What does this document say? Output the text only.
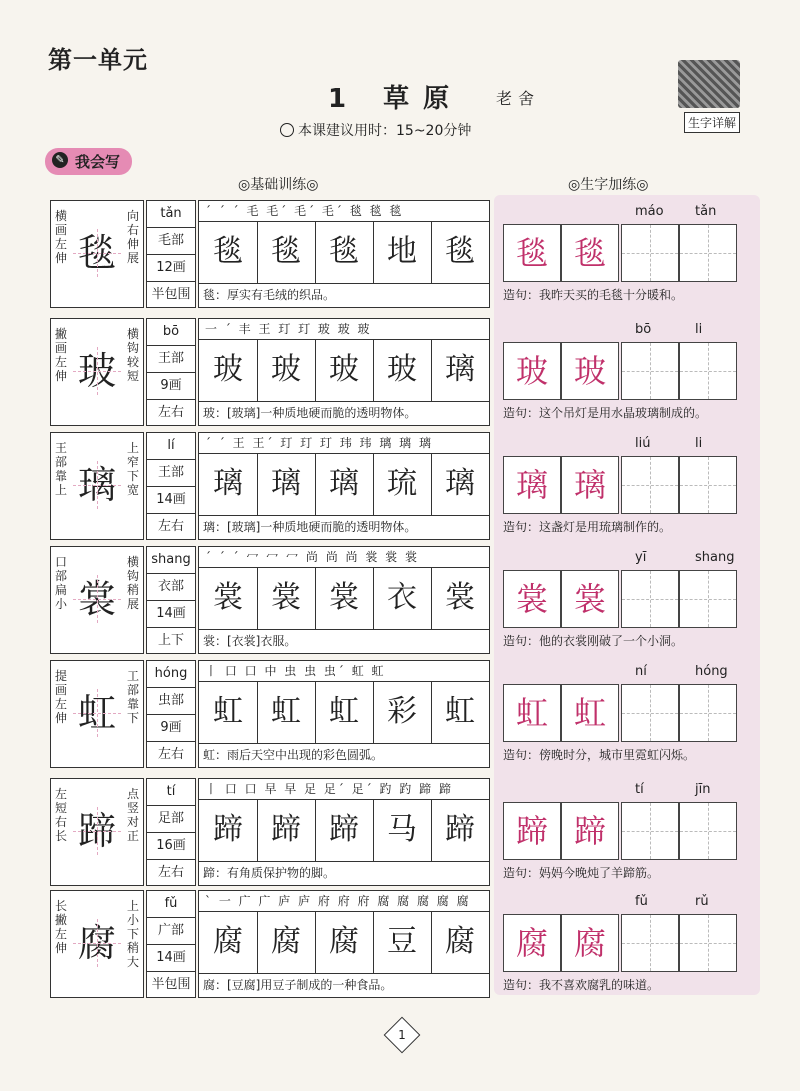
第一单元
1 草原 老舍
生字详解
本课建议用时：15~20分钟
✎ 我会写
◎基础训练◎	◎生字加练◎
横画左伸 毯
向右伸展
tǎn
毛部
12画
半包围
ˊ ˊ ˊ 毛 毛ˊ 毛ˊ 毛ˊ 毯 毯 毯
毯 毯 毯 地 毯
毯：厚实有毛绒的织品。
máo tǎn
毯 毯
造句：我昨天买的毛毯十分暖和。
撇画左伸 玻
横钩较短
bō
王部
9画
左右
一 ˊ 丰 王 玎 玎 玻 玻 玻
玻 玻 玻 玻 璃
玻：[玻璃]一种质地硬而脆的透明物体。
bō	li
玻 玻
造句：这个吊灯是用水晶玻璃制成的。
王部靠上 璃
上窄下宽
lí
王部
14画
左右
ˊ ˊ 王 王ˊ 玎 玎 玎 玮 玮 璃 璃 璃
璃 璃 璃 琉 璃
璃：[玻璃]一种质地硬而脆的透明物体。
liú	li
璃 璃
造句：这盏灯是用琉璃制作的。
口部扁小 裳
横钩稍展
shang
衣部
14画
上下
ˊ ˊ ˊ 冖 冖 冖 尚 尚 尚 裳 裳 裳
裳 裳 裳 衣 裳
裳：[衣裳]衣服。
yī	shang
裳 裳
造句：他的衣裳刚破了一个小洞。
提画左伸 虹
工部靠下
hóng
虫部
9画
左右
丨 口 口 中 虫 虫 虫ˊ 虹 虹
虹 虹 虹 彩 虹
虹：雨后天空中出现的彩色圆弧。
ní	hóng
虹 虹
造句：傍晚时分，城市里霓虹闪烁。
左短右长 蹄
点竖对正
tí
足部
16画
左右
丨 口 口 早 早 足 足ˊ 足ˊ 趵 趵 蹄 蹄
蹄 蹄 蹄 马 蹄
蹄：有角质保护物的脚。
tí	jīn
蹄 蹄
造句：妈妈今晚炖了羊蹄筋。
长撇左伸 腐
上小下稍大
fǔ
广部
14画
半包围
ˋ 一 广 广 庐 庐 府 府 府 腐 腐 腐 腐 腐
腐 腐 腐 豆 腐
腐：[豆腐]用豆子制成的一种食品。
fǔ	rǔ
腐 腐
造句：我不喜欢腐乳的味道。
1
